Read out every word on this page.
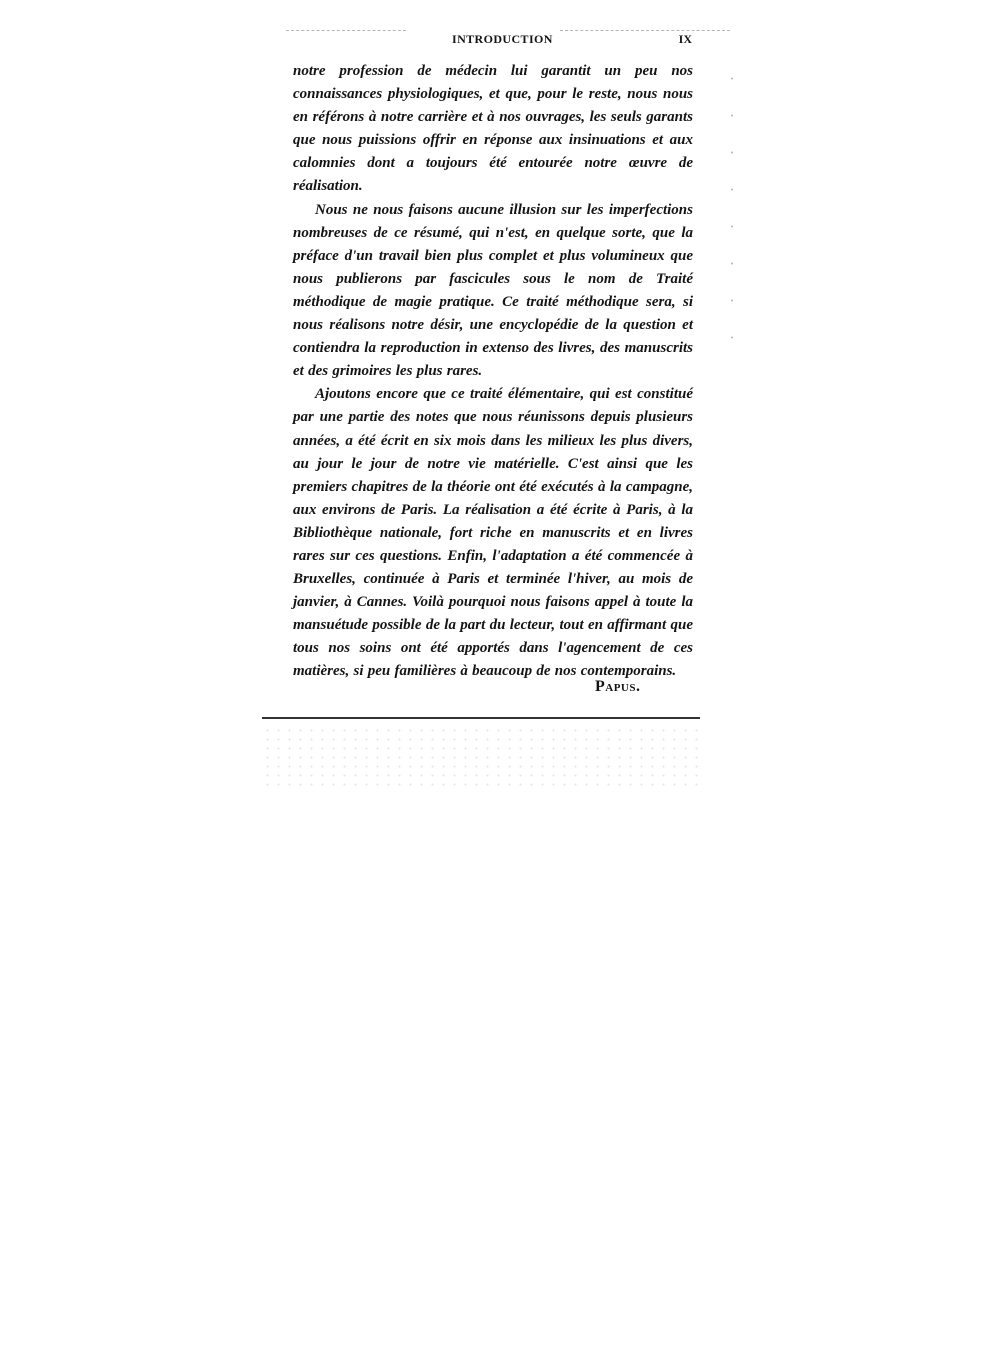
INTRODUCTION	IX

notre profession de médecin lui garantit un peu nos connaissances physiologiques, et que, pour le reste, nous nous en référons à notre carrière et à nos ouvrages, les seuls garants que nous puissions offrir en réponse aux insinuations et aux calomnies dont a toujours été entourée notre œuvre de réalisation.

Nous ne nous faisons aucune illusion sur les imperfections nombreuses de ce résumé, qui n'est, en quelque sorte, que la préface d'un travail bien plus complet et plus volumineux que nous publierons par fascicules sous le nom de Traité méthodique de magie pratique. Ce traité méthodique sera, si nous réalisons notre désir, une encyclopédie de la question et contiendra la reproduction in extenso des livres, des manuscrits et des grimoires les plus rares.

Ajoutons encore que ce traité élémentaire, qui est constitué par une partie des notes que nous réunissons depuis plusieurs années, a été écrit en six mois dans les milieux les plus divers, au jour le jour de notre vie matérielle. C'est ainsi que les premiers chapitres de la théorie ont été exécutés à la campagne, aux environs de Paris. La réalisation a été écrite à Paris, à la Bibliothèque nationale, fort riche en manuscrits et en livres rares sur ces questions. Enfin, l'adaptation a été commencée à Bruxelles, continuée à Paris et terminée l'hiver, au mois de janvier, à Cannes. Voilà pourquoi nous faisons appel à toute la mansuétude possible de la part du lecteur, tout en affirmant que tous nos soins ont été apportés dans l'agencement de ces matières, si peu familières à beaucoup de nos contemporains.

Papus.
